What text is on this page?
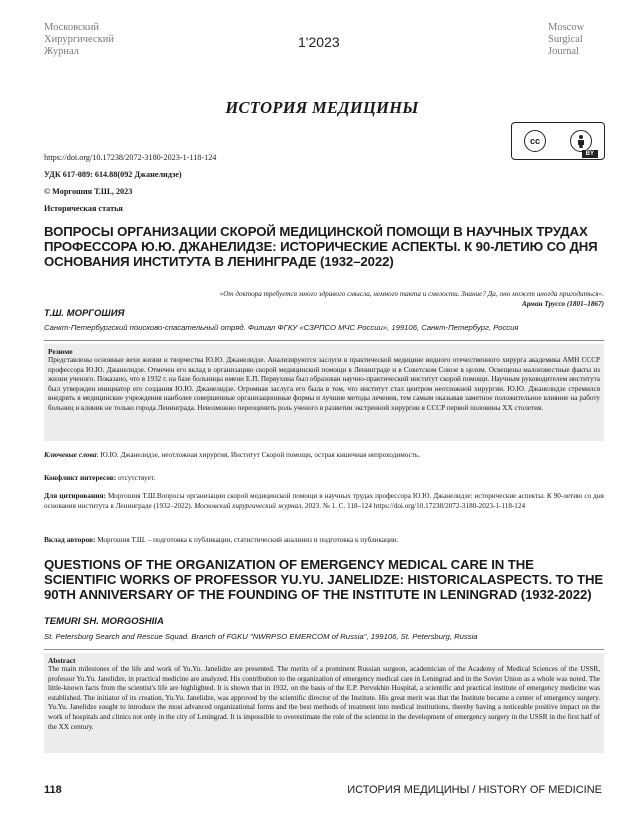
Московский
Хирургический
Журнал
1'2023
Moscow
Surgical
Journal
ИСТОРИЯ МЕДИЦИНЫ
cc
BY
https://doi.org/10.17238/2072-3180-2023-1-118-124
УДК 617-089: 614.88(092 Джанелидзе)
© Моргошия Т.Ш., 2023
Историческая статья
ВОПРОСЫ ОРГАНИЗАЦИИ СКОРОЙ МЕДИЦИНСКОЙ ПОМОЩИ В НАУЧНЫХ ТРУДАХ ПРОФЕССОРА Ю.Ю. ДЖАНЕЛИДЗЕ: ИСТОРИЧЕСКИЕ АСПЕКТЫ. К 90-ЛЕТИЮ СО ДНЯ ОСНОВАНИЯ ИНСТИТУТА В ЛЕНИНГРАДЕ (1932–2022)
«От доктора требуется много здравого смысла, немного такта и смелости. Знание? Да, оно может иногда пригодиться».
Арман Труссо (1801–1867)
Т.Ш. МОРГОШИЯ
Санкт-Петербургский поисково-спасательный отряд. Филиал ФГКУ «СЗРПСО МЧС России», 199106, Санкт-Петербург, Россия
Резюме
Представлены основные вехи жизни и творчества Ю.Ю. Джанелидзе. Анализируются заслуги в практической медицине видного отечественного хирурга академика АМН СССР профессора Ю.Ю. Джанелидзе. Отмечен его вклад в организацию скорой медицинской помощи в Ленинграде и в Советском Союзе в целом. Освещены малоизвестные факты из жизни ученого. Показано, что в 1932 г. на базе больницы имени Е.П. Первухина был образован научно-практический институт скорой помощи. Научным руководителем института был утвержден инициатор его создания Ю.Ю. Джанелидзе. Огромная заслуга его была в том, что институт стал центром неотложной хирургии. Ю.Ю. Джанелидзе стремился внедрять в медицинские учреждения наиболее совершенные организационные формы и лучшие методы лечения, тем самым оказывая заметное положительное влияние на работу больниц и клиник не только города Ленинграда. Невозможно переоценить роль ученого в развитии экстренной хирургии в СССР первой половины XX столетия.
Ключевые слова: Ю.Ю. Джанелидзе, неотложная хирургия, Институт Скорой помощи, острая кишечная непроходимость.
Конфликт интересов: отсутствует.
Для цитирования: Моргошия Т.Ш.Вопросы организации скорой медицинской помощи в научных трудах профессора Ю.Ю. Джанелидзе: исторические аспекты. К 90-летию со дня основания института в Ленинграде (1932–2022). Московский хирургический журнал, 2023. № 1. С. 118–124 https://doi.org/10.17238/2072-3180-2023-1-118-124
Вклад авторов: Моргошия Т.Ш. – подготовка к публикации, статистический аналиииз и подготовка к публикации.
QUESTIONS OF THE ORGANIZATION OF EMERGENCY MEDICAL CARE IN THE SCIENTIFIC WORKS OF PROFESSOR YU.YU. JANELIDZE: HISTORICALASPECTS. TO THE 90TH ANNIVERSARY OF THE FOUNDING OF THE INSTITUTE IN LENINGRAD (1932-2022)
TEMURI SH. MORGOSHIIA
St. Petersburg Search and Rescue Squad. Branch of FGKU "NWRPSO EMERCOM of Russia", 199106, St. Petersburg, Russia
Abstract
The main milestones of the life and work of Yu.Yu. Janelidze are presented. The merits of a prominent Russian surgeon, academician of the Academy of Medical Sciences of the USSR, professor Yu.Yu. Janelidze, in practical medicine are analyzed. His contribution to the organization of emergency medical care in Leningrad and in the Soviet Union as a whole was noted. The little-known facts from the scientist's life are highlighted. It is shown that in 1932, on the basis of the E.P. Pervukhin Hospital, a scientific and practical institute of emergency medicine was established. The initiator of its creation, Yu.Yu. Janelidze, was approved by the scientific director of the Institute. His great merit was that the Institute became a center of emergency surgery. Yu.Yu. Janelidze sought to introduce the most advanced organizational forms and the best methods of treatment into medical institutions, thereby having a noticeable positive impact on the work of hospitals and clinics not only in the city of Leningrad. It is impossible to overestimate the role of the scientist in the development of emergency surgery in the USSR in the first half of the XX century.
118	ИСТОРИЯ МЕДИЦИНЫ / HISTORY OF MEDICINE
